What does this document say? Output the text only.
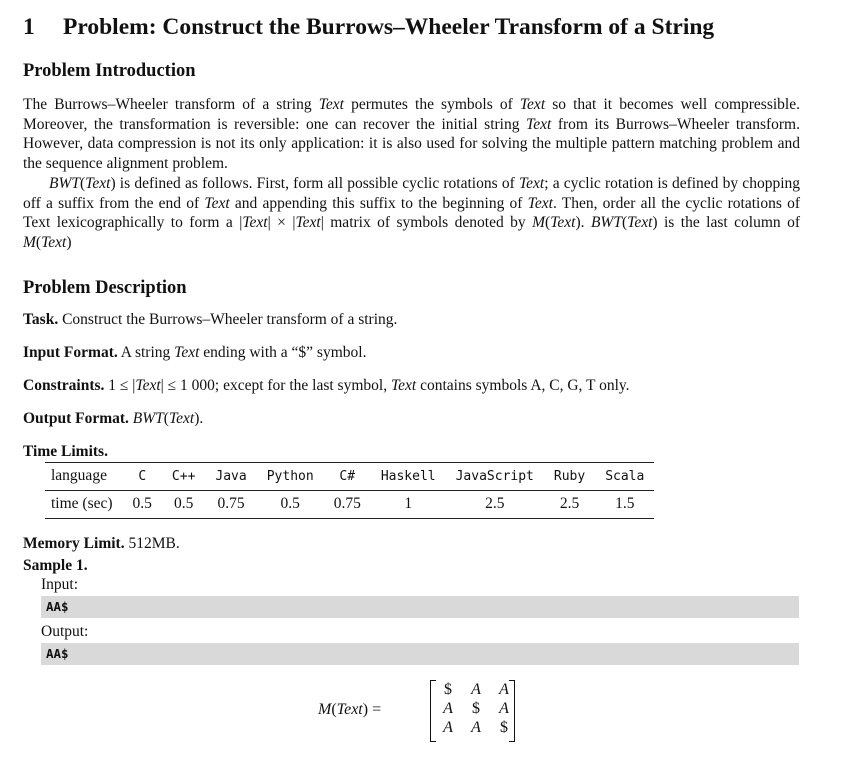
1 Problem: Construct the Burrows–Wheeler Transform of a String
Problem Introduction

The Burrows–Wheeler transform of a string Text permutes the symbols of Text so that it becomes well compressible. Moreover, the transformation is reversible: one can recover the initial string Text from its Burrows–Wheeler transform. However, data compression is not its only application: it is also used for solving the multiple pattern matching problem and the sequence alignment problem.

BWT(Text) is defined as follows. First, form all possible cyclic rotations of Text; a cyclic rotation is defined by chopping off a suffix from the end of Text and appending this suffix to the beginning of Text. Then, order all the cyclic rotations of Text lexicographically to form a |Text| × |Text| matrix of symbols denoted by M(Text). BWT(Text) is the last column of M(Text)

Problem Description

Task. Construct the Burrows–Wheeler transform of a string.

Input Format. A string Text ending with a “$” symbol.

Constraints. 1 ≤ |Text| ≤ 1 000; except for the last symbol, Text contains symbols A, C, G, T only.

Output Format. BWT(Text).

Time Limits.

language	C	C++	Java	Python	C#	Haskell	JavaScript	Ruby	Scala
time (sec)	0.5	0.5	0.75	0.5	0.75	1	2.5	2.5	1.5

Memory Limit. 512MB.

Sample 1.

Input:

AA$

Output:

AA$
M(Text) =
$ A A
A $ A
A A $
